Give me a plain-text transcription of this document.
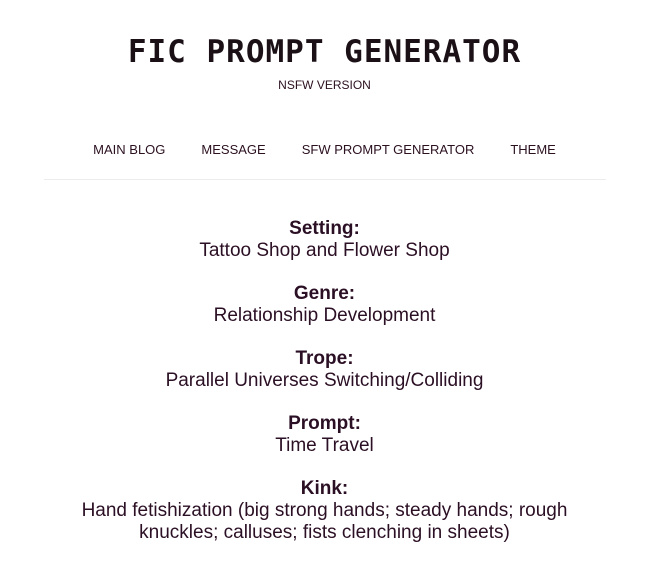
FIC PROMPT GENERATOR
NSFW VERSION
MAIN BLOG	MESSAGE	SFW PROMPT GENERATOR	THEME
Setting:
Tattoo Shop and Flower Shop
Genre:
Relationship Development
Trope:
Parallel Universes Switching/Colliding
Prompt:
Time Travel
Kink:
Hand fetishization (big strong hands; steady hands; rough knuckles; calluses; fists clenching in sheets)
